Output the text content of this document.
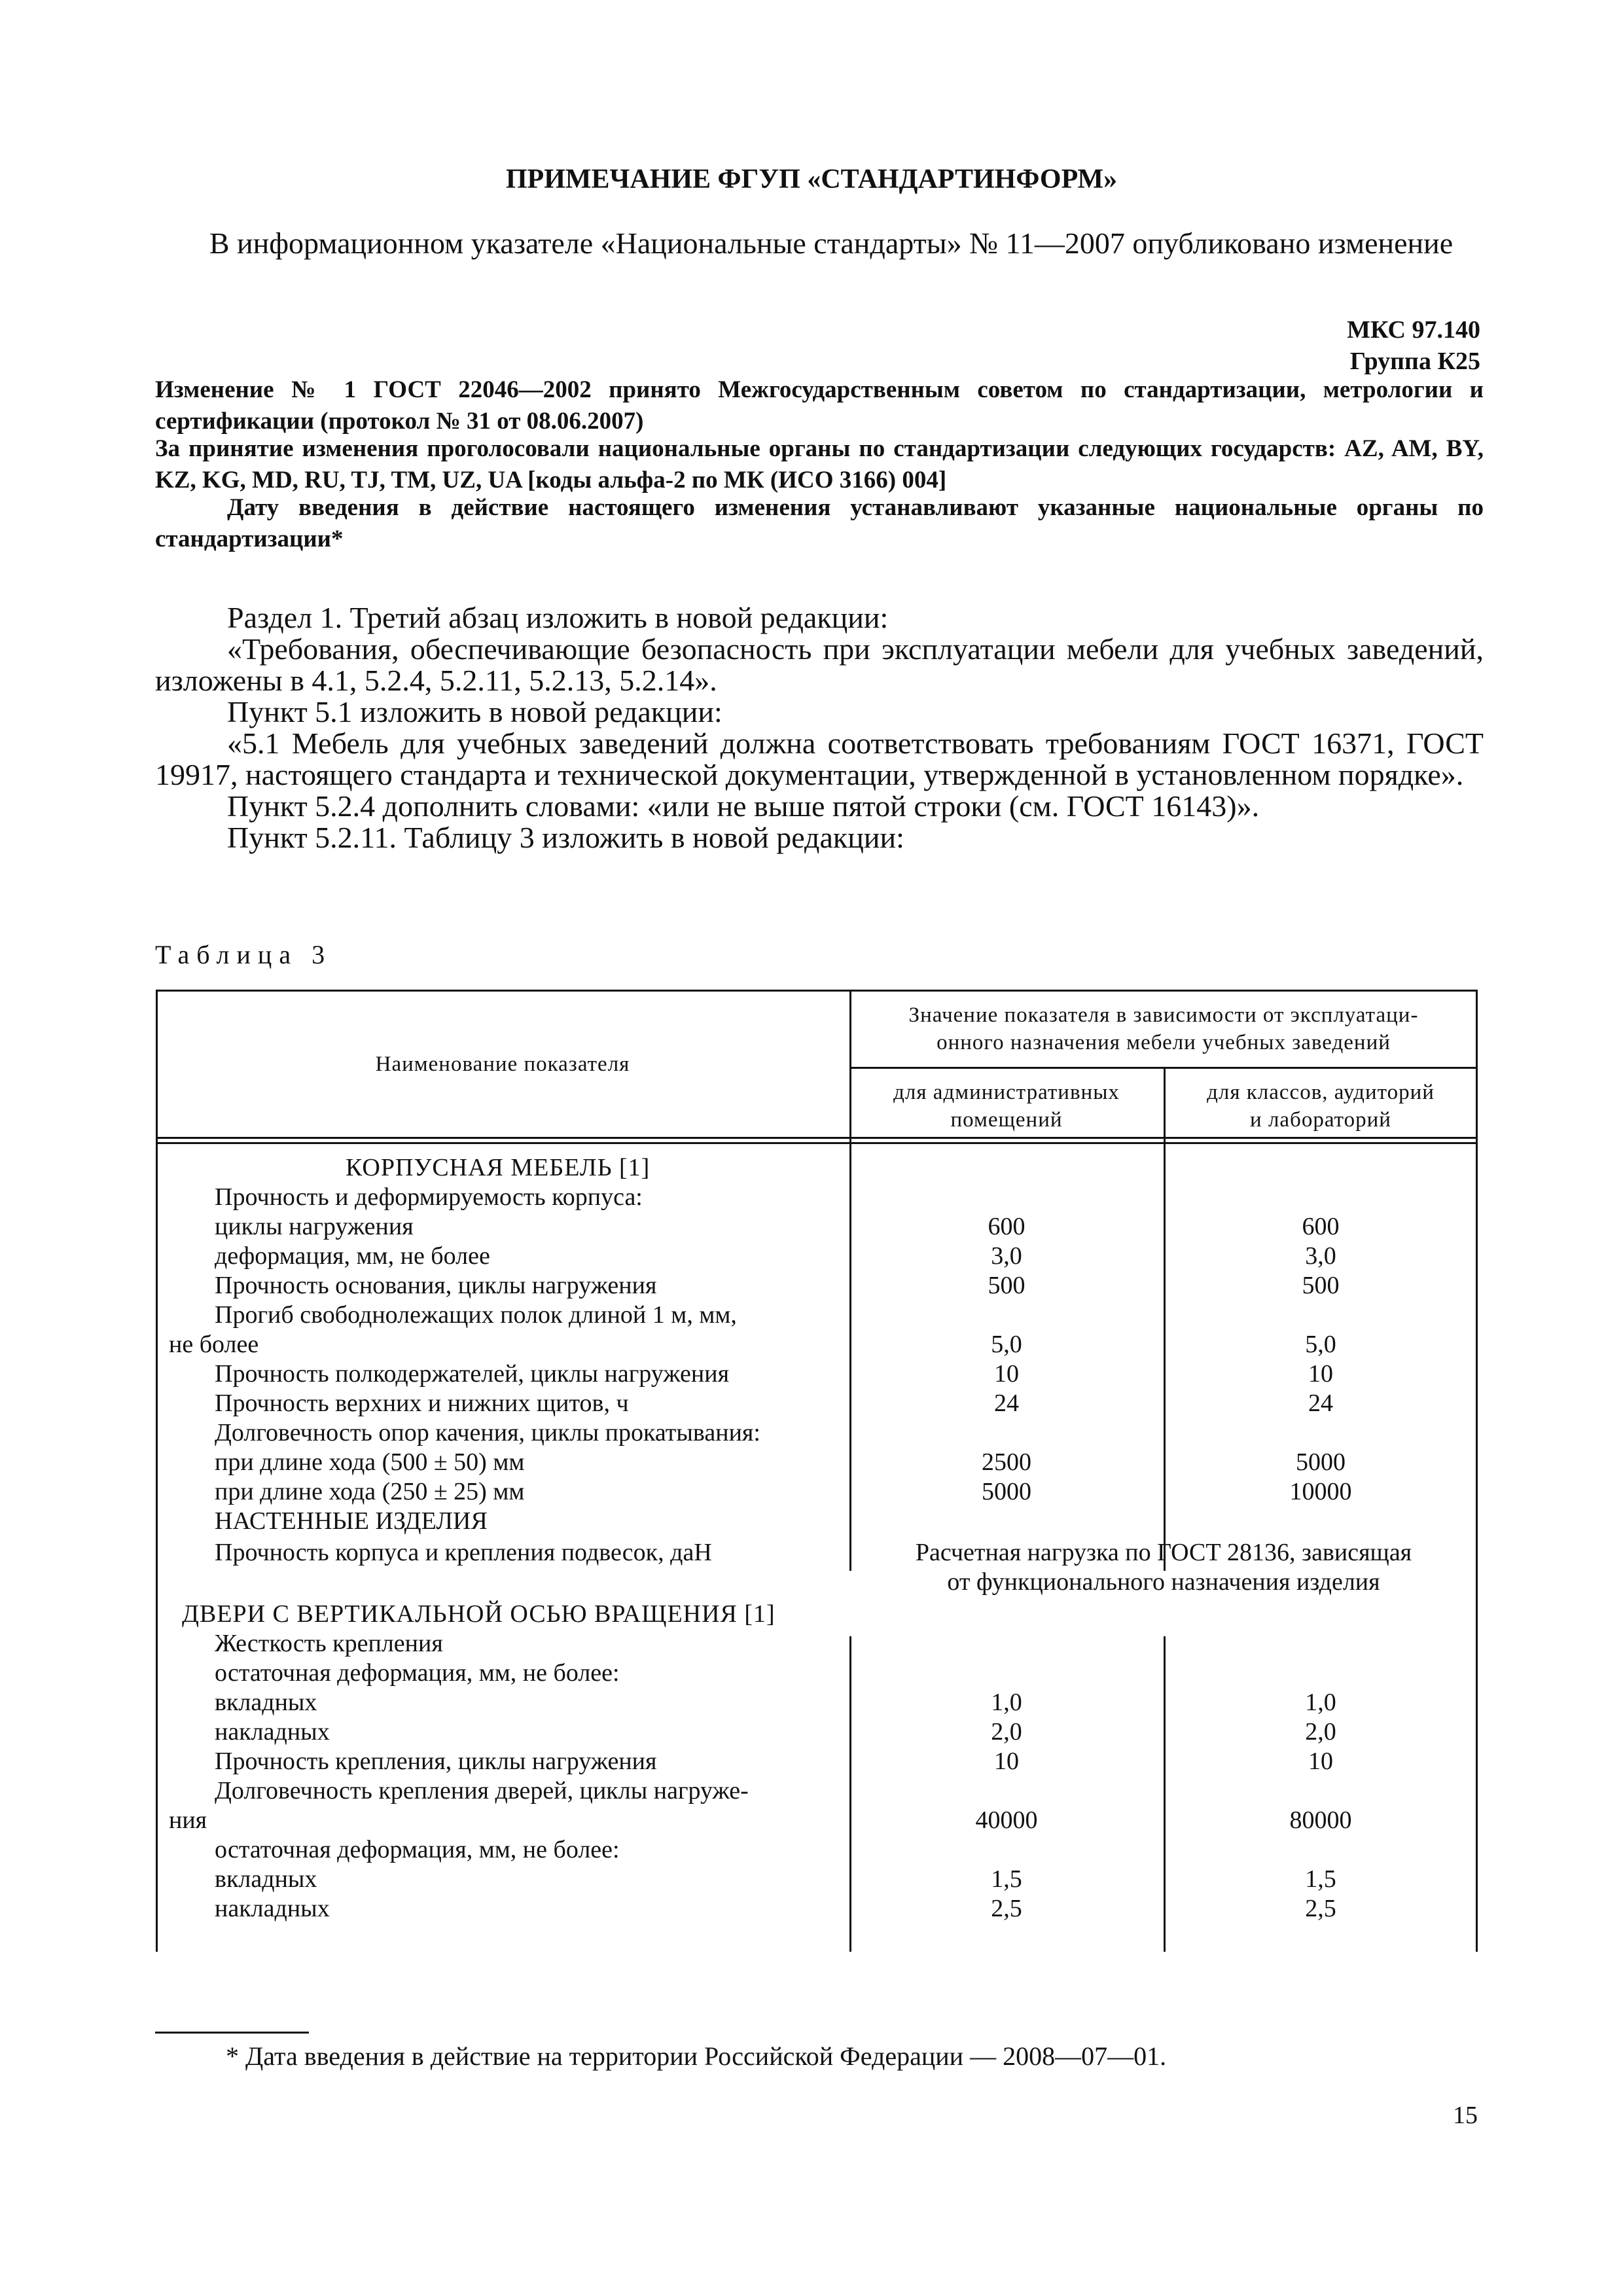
ПРИМЕЧАНИЕ ФГУП «СТАНДАРТИНФОРМ»
В информационном указателе «Национальные стандарты» № 11—2007 опубликовано изменение
МКС 97.140
Группа К25
Изменение № 1 ГОСТ 22046—2002 принято Межгосударственным советом по стандартизации, метрологии и сертификации (протокол № 31 от 08.06.2007)
За принятие изменения проголосовали национальные органы по стандартизации следующих государств: AZ, AM, BY, KZ, KG, MD, RU, TJ, TM, UZ, UA [коды альфа-2 по МК (ИСО 3166) 004]
Дату введения в действие настоящего изменения устанавливают указанные национальные органы по стандартизации*
Раздел 1. Третий абзац изложить в новой редакции:
«Требования, обеспечивающие безопасность при эксплуатации мебели для учебных заведений, изложены в 4.1, 5.2.4, 5.2.11, 5.2.13, 5.2.14».
Пункт 5.1 изложить в новой редакции:
«5.1 Мебель для учебных заведений должна соответствовать требованиям ГОСТ 16371, ГОСТ 19917, настоящего стандарта и технической документации, утвержденной в установленном порядке».
Пункт 5.2.4 дополнить словами: «или не выше пятой строки (см. ГОСТ 16143)».
Пункт 5.2.11. Таблицу 3 изложить в новой редакции:
Таблица 3
Наименование показателя
Значение показателя в зависимости от эксплуатаци-
онного назначения мебели учебных заведений
для административных
помещений
для классов, аудиторий
и лабораторий
КОРПУСНАЯ МЕБЕЛЬ [1]
Прочность и деформируемость корпуса:
циклы нагружения	600	600
деформация, мм, не более	3,0	3,0
Прочность основания, циклы нагружения	500	500
Прогиб свободнолежащих полок длиной 1 м, мм,
не более	5,0	5,0
Прочность полкодержателей, циклы нагружения	10	10
Прочность верхних и нижних щитов, ч	24	24
Долговечность опор качения, циклы прокатывания:
при длине хода (500 ± 50) мм	2500	5000
при длине хода (250 ± 25) мм	5000	10000
НАСТЕННЫЕ ИЗДЕЛИЯ
Прочность корпуса и крепления подвесок, даН	Расчетная нагрузка по ГОСТ 28136, зависящая
от функционального назначения изделия
ДВЕРИ С ВЕРТИКАЛЬНОЙ ОСЬЮ ВРАЩЕНИЯ [1]
Жесткость крепления
остаточная деформация, мм, не более:
вкладных	1,0	1,0
накладных	2,0	2,0
Прочность крепления, циклы нагружения	10	10
Долговечность крепления дверей, циклы нагруже-
ния	40000	80000
остаточная деформация, мм, не более:
вкладных	1,5	1,5
накладных	2,5	2,5
* Дата введения в действие на территории Российской Федерации — 2008—07—01.
15
